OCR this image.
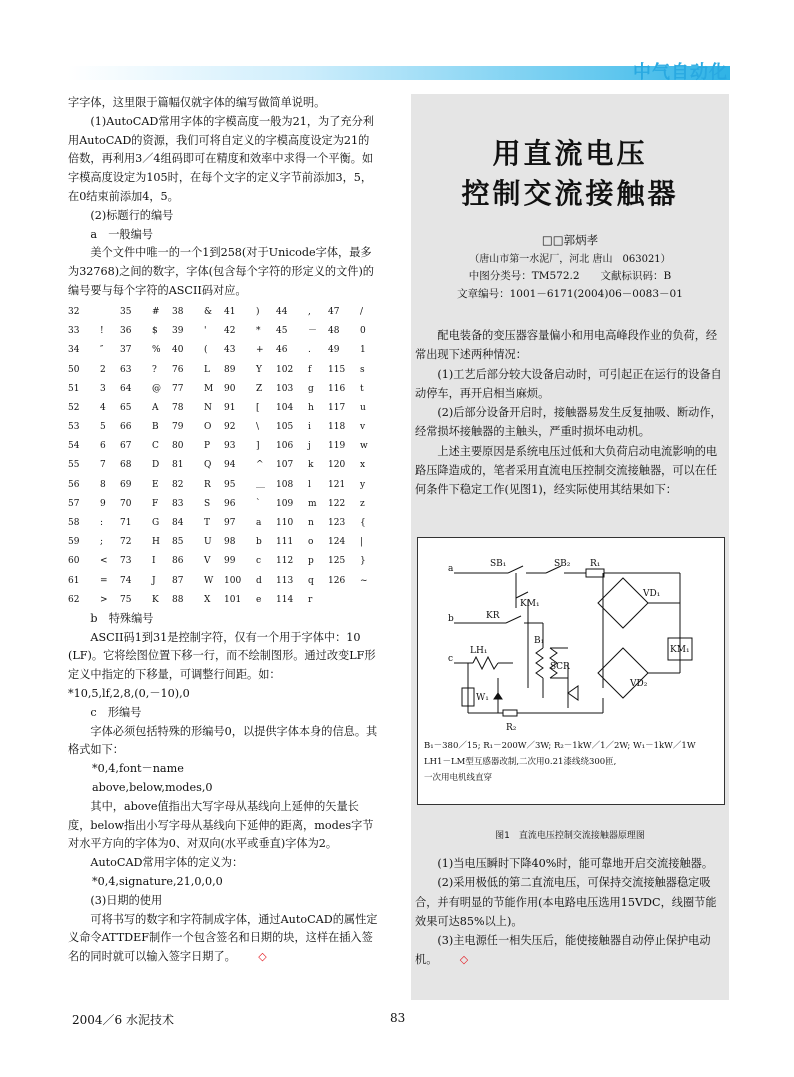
中气自动化

字字体，这里限于篇幅仅就字体的编写做简单说明。

(1)AutoCAD常用字体的字模高度一般为21，为了充分利用AutoCAD的资源，我们可将自定义的字模高度设定为21的倍数，再利用3／4组码即可在精度和效率中求得一个平衡。如字模高度设定为105时，在每个文字的定义字节前添加3，5，在0结束前添加4，5。

(2)标题行的编号

a　一般编号

美个文件中唯一的一个1到258(对于Unicode字体，最多为32768)之间的数字，字体(包含每个字符的形定义的文件)的编号要与每个字符的ASCII码对应。

32		35	#	38	&	41	)	44	,	47	/
33	!	36	$	39	'	42	*	45	－	48	0
34	″	37	%	40	(	43	+	46	.	49	1
50	2	63	?	76	L	89	Y	102	f	115	s
51	3	64	@	77	M	90	Z	103	g	116	t
52	4	65	A	78	N	91	[	104	h	117	u
53	5	66	B	79	O	92	\	105	i	118	v
54	6	67	C	80	P	93	]	106	j	119	w
55	7	68	D	81	Q	94	^	107	k	120	x
56	8	69	E	82	R	95	＿	108	l	121	y
57	9	70	F	83	S	96	`	109	m	122	z
58	:	71	G	84	T	97	a	110	n	123	{
59	;	72	H	85	U	98	b	111	o	124	|
60	<	73	I	86	V	99	c	112	p	125	}
61	=	74	J	87	W	100	d	113	q	126	~
62	>	75	K	88	X	101	e	114	r		

b　特殊编号

ASCII码1到31是控制字符，仅有一个用于字体中：10　(LF)。它将绘图位置下移一行，而不绘制图形。通过改变LF形定义中指定的下移量，可调整行间距。如：

*10,5,lf,2,8,(0,－10),0

c　形编号

字体必须包括特殊的形编号0，以提供字体本身的信息。其格式如下：

*0,4,font－name

above,below,modes,0

其中，above值指出大写字母从基线向上延伸的矢量长度，below指出小写字母从基线向下延伸的距离，modes字节对水平方向的字体为0、对双向(水平或垂直)字体为2。

AutoCAD常用字体的定义为：

*0,4,signature,21,0,0,0

(3)日期的使用

可将书写的数字和字符制成字体，通过AutoCAD的属性定义命令ATTDEF制作一个包含签名和日期的块，这样在插入签名的同时就可以输入签字日期了。 ◇

用直流电压
控制交流接触器
□□郭炳孝
（唐山市第一水泥厂，河北 唐山　063021）
中图分类号：TM572.2　　文献标识码：B
文章编号：1001－6171(2004)06－0083－01

配电装备的变压器容量偏小和用电高峰段作业的负荷，经常出现下述两种情况：

(1)工艺后部分较大设备启动时，可引起正在运行的设备自动停车，再开启相当麻烦。

(2)后部分设备开启时，接触器易发生反复抽吸、断动作，经常损坏接触器的主触头，严重时损坏电动机。

上述主要原因是系统电压过低和大负荷启动电流影响的电路压降造成的，笔者采用直流电压控制交流接触器，可以在任何条件下稳定工作(见图1)，经实际使用其结果如下：

a
b
c
SB₁	SB₂ R₁
KM₁
KR
B₁
LH₁
SCR
W₁
R₂
VD₁
VD₂
KM₁
B₁－380／15; R₁－200W／3W; R₂－1kW／1／2W; W₁－1kW／1W
LH1－LM型互感器改制,二次用0.21漆线绕300匝,
一次用电机线直穿
图1　直流电压控制交流接触器原理图

(1)当电压瞬时下降40%时，能可靠地开启交流接触器。

(2)采用极低的第二直流电压，可保持交流接触器稳定吸合，并有明显的节能作用(本电路电压选用15VDC，线圈节能效果可达85%以上)。

(3)主电源任一相失压后，能使接触器自动停止保护电动机。 ◇

2004／6 水泥技术	83
